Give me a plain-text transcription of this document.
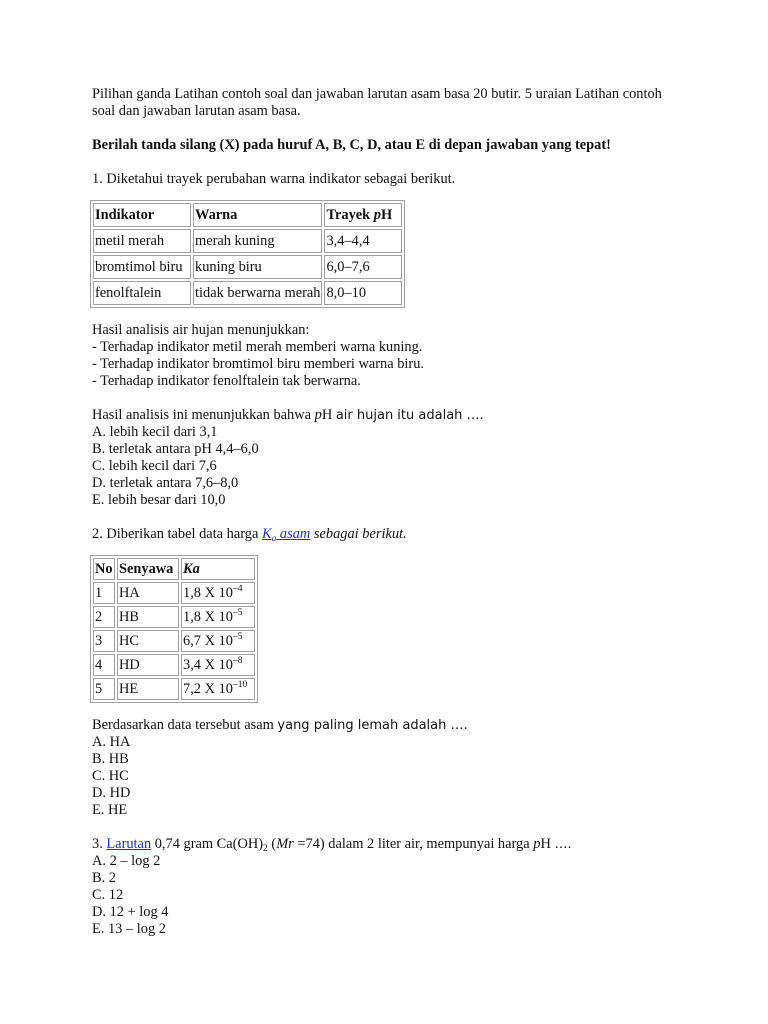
Pilihan ganda Latihan contoh soal dan jawaban larutan asam basa 20 butir. 5 uraian Latihan contoh soal dan jawaban larutan asam basa.

Berilah tanda silang (X) pada huruf A, B, C, D, atau E di depan jawaban yang tepat!

1. Diketahui trayek perubahan warna indikator sebagai berikut.

Indikator	Warna	Trayek pH
metil merah	merah kuning	3,4–4,4
bromtimol biru	kuning biru	6,0–7,6
fenolftalein	tidak berwarna merah	8,0–10

Hasil analisis air hujan menunjukkan:

- Terhadap indikator metil merah memberi warna kuning.

- Terhadap indikator bromtimol biru memberi warna biru.

- Terhadap indikator fenolftalein tak berwarna.

Hasil analisis ini menunjukkan bahwa pH air hujan itu adalah ….

A. lebih kecil dari 3,1

B. terletak antara pH 4,4–6,0

C. lebih kecil dari 7,6

D. terletak antara 7,6–8,0

E. lebih besar dari 10,0

2. Diberikan tabel data harga $K_a$ asam sebagai berikut.

No	Senyawa	Ka
1	HA	1,8 X $10^{-4}$
2	HB	1,8 X $10^{-5}$
3	HC	6,7 X $10^{-5}$
4	HD	3,4 X $10^{-8}$
5	HE	7,2 X $10^{-10}$

Berdasarkan data tersebut asam yang paling lemah adalah ….

A. HA

B. HB

C. HC

D. HD

E. HE

3. Larutan 0,74 gram $Ca(OH)_2$ (Mr =74) dalam 2 liter air, mempunyai harga pH ….

A. 2 – log 2

B. 2

C. 12

D. 12 + log 4

E. 13 – log 2
